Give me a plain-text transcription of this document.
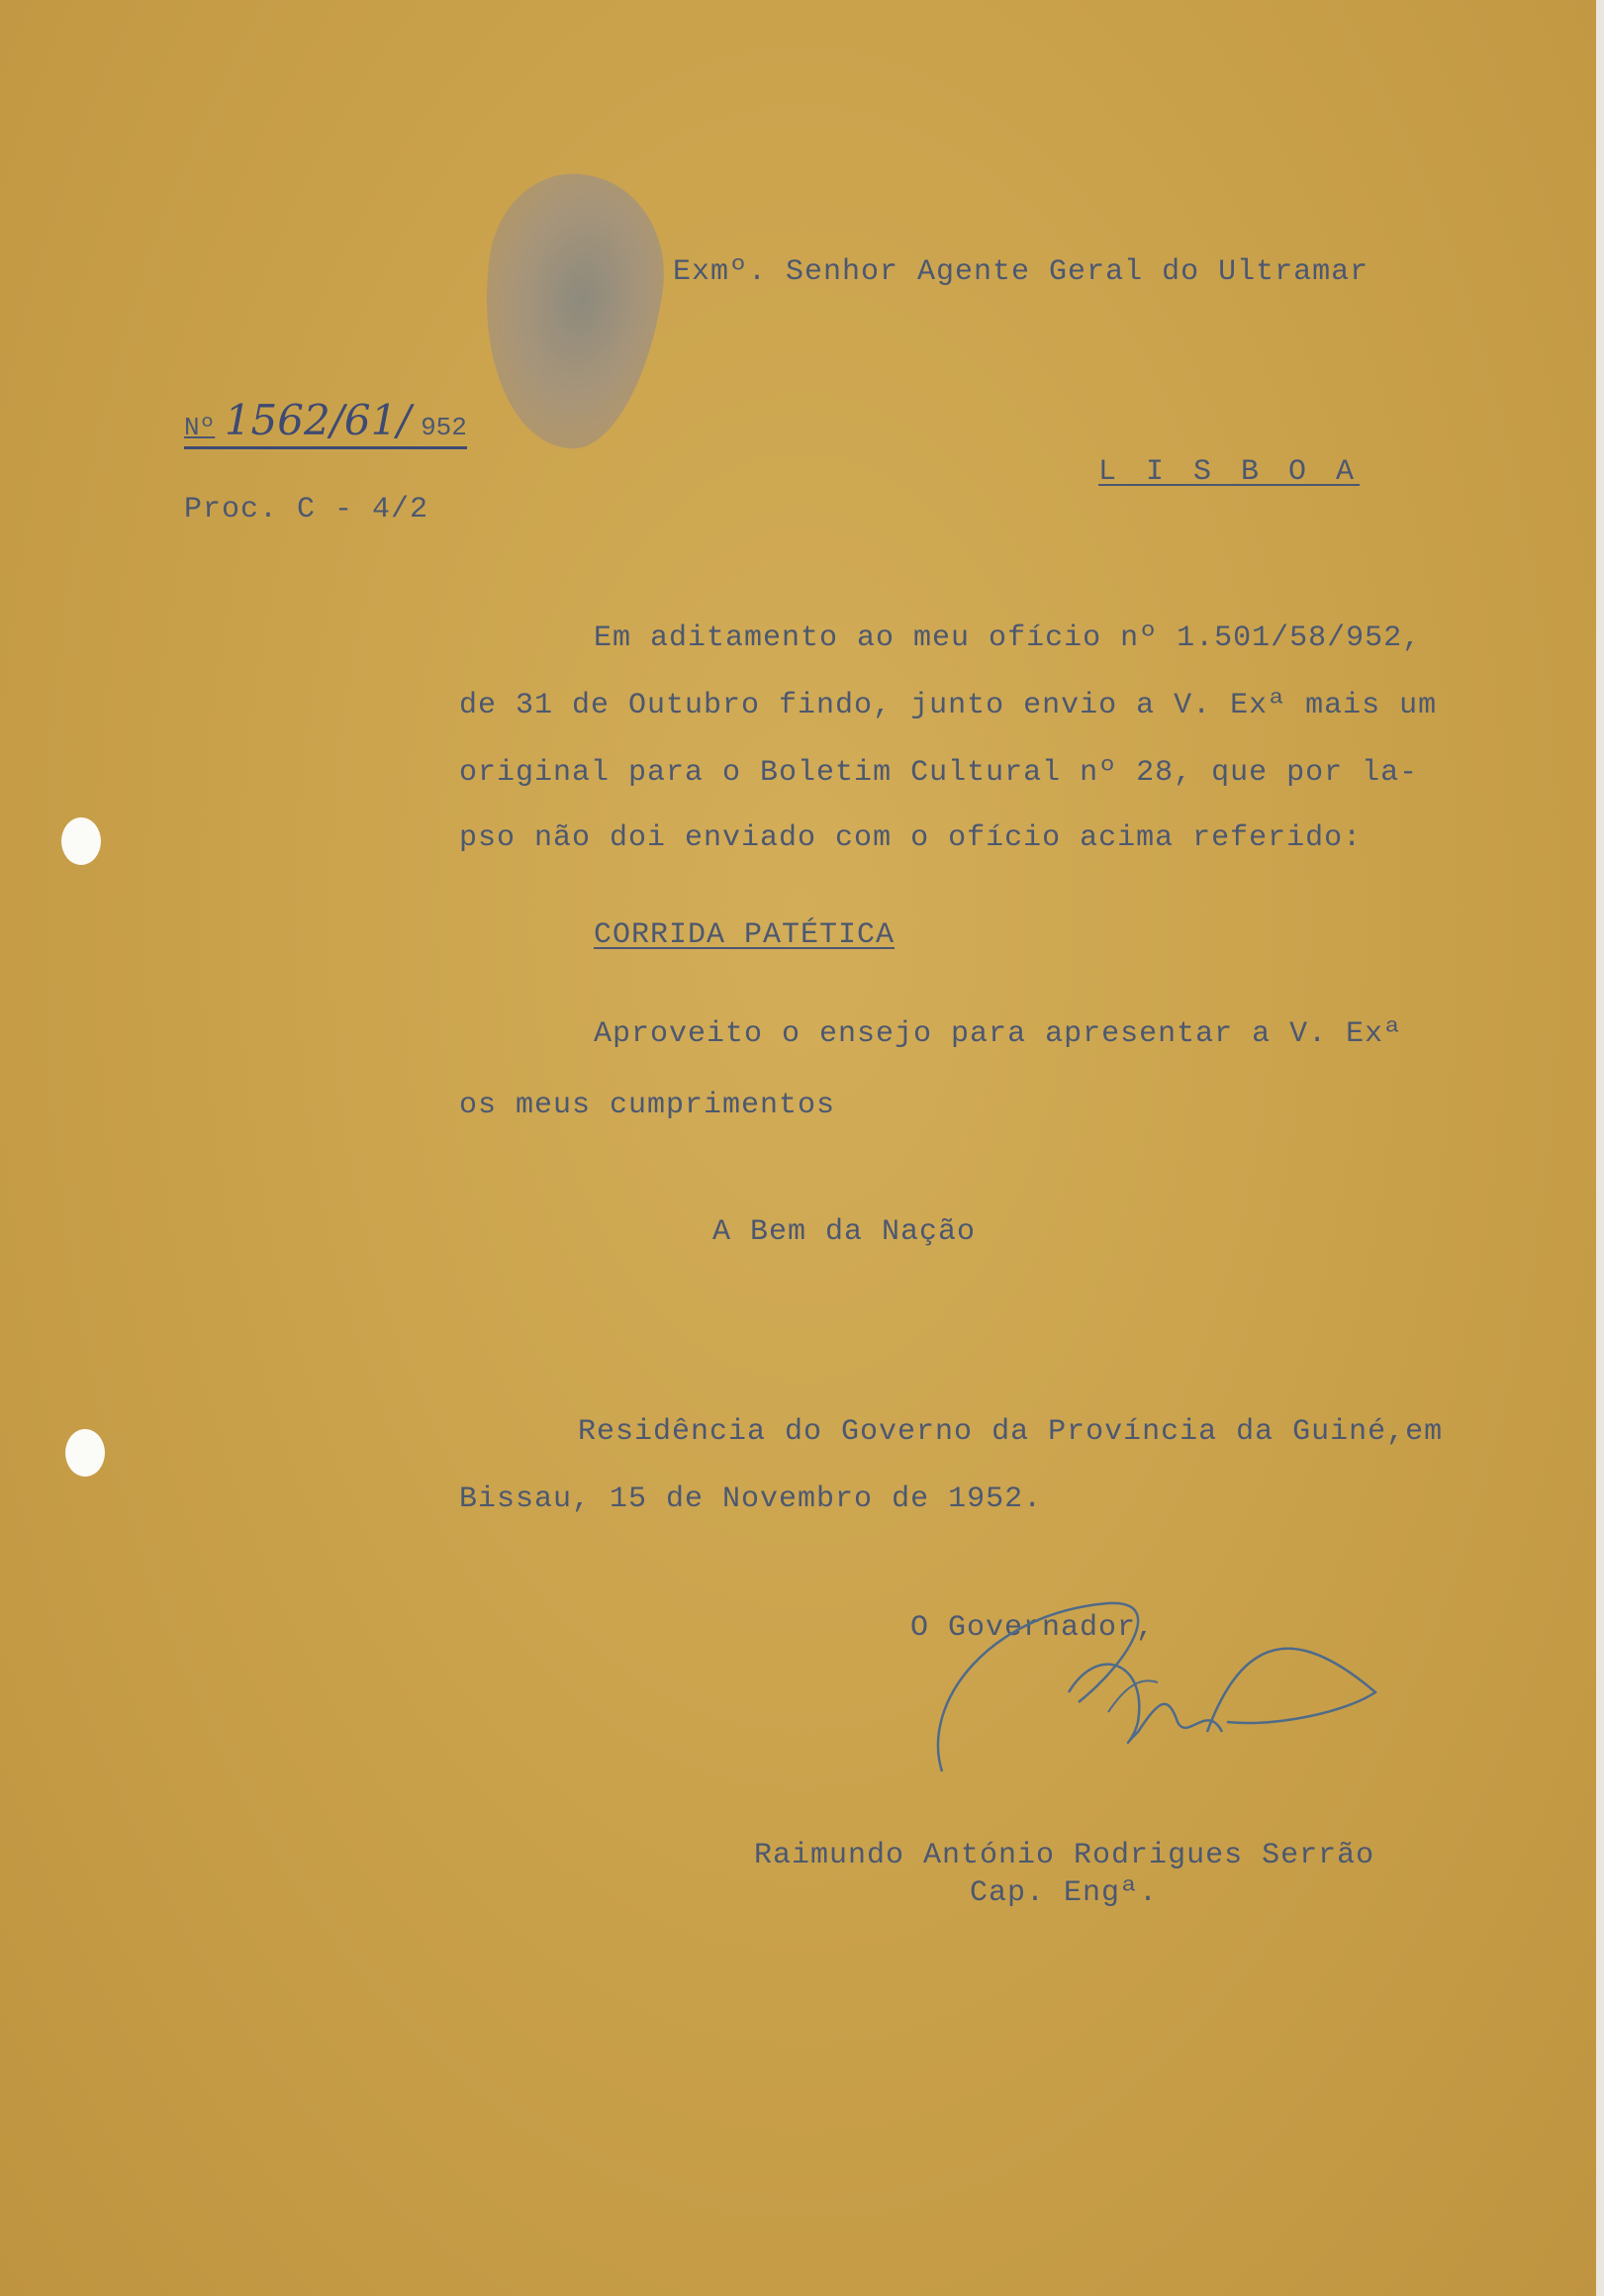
Exmº. Senhor Agente Geral do Ultramar

Nº 1562/61/ 952

Proc. C - 4/2

L I S B O A

Em aditamento ao meu ofício nº 1.501/58/952,

de 31 de Outubro findo, junto envio a V. Exª mais um

original para o Boletim Cultural nº 28, que por la-

pso não doi enviado com o ofício acima referido:

CORRIDA PATÉTICA

Aproveito o ensejo para apresentar a V. Exª

os meus cumprimentos

A Bem da Nação

Residência do Governo da Província da Guiné,em

Bissau, 15 de Novembro de 1952.

O Governador,

Raimundo António Rodrigues Serrão

Cap. Engª.
